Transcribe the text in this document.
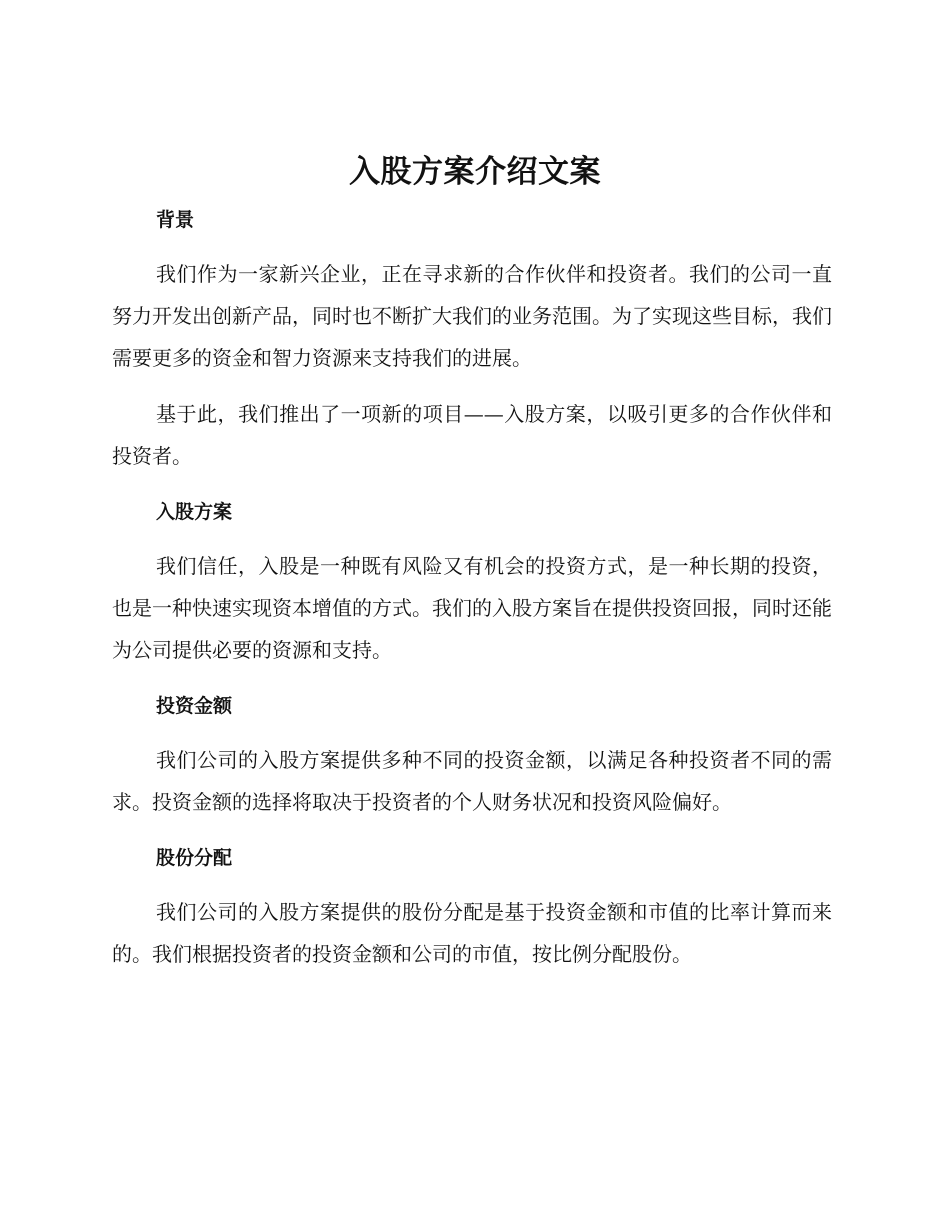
入股方案介绍文案
背景

我们作为一家新兴企业，正在寻求新的合作伙伴和投资者。我们的公司一直努力开发出创新产品，同时也不断扩大我们的业务范围。为了实现这些目标，我们需要更多的资金和智力资源来支持我们的进展。

基于此，我们推出了一项新的项目——入股方案，以吸引更多的合作伙伴和投资者。

入股方案

我们信任，入股是一种既有风险又有机会的投资方式，是一种长期的投资，也是一种快速实现资本增值的方式。我们的入股方案旨在提供投资回报，同时还能为公司提供必要的资源和支持。

投资金额

我们公司的入股方案提供多种不同的投资金额，以满足各种投资者不同的需求。投资金额的选择将取决于投资者的个人财务状况和投资风险偏好。

股份分配

我们公司的入股方案提供的股份分配是基于投资金额和市值的比率计算而来的。我们根据投资者的投资金额和公司的市值，按比例分配股份。
